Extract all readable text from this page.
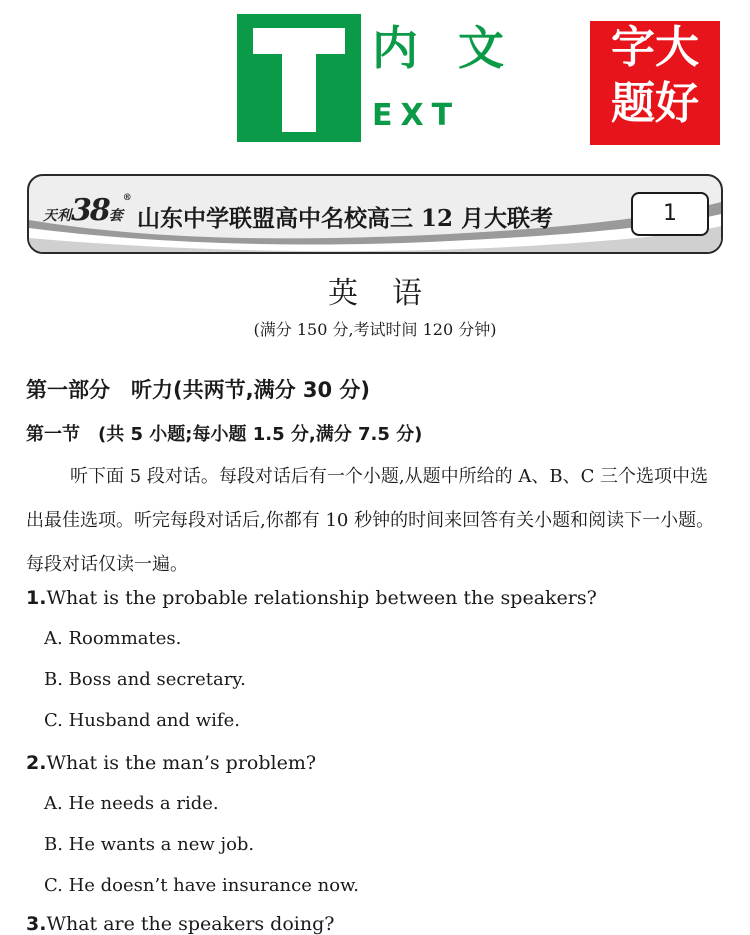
内文
EXT
字大
题好
天利38套®
山东中学联盟高中名校高三 12 月大联考	1
英语
(满分 150 分,考试时间 120 分钟)
第一部分　听力(共两节,满分 30 分)
第一节　(共 5 小题;每小题 1.5 分,满分 7.5 分)
听下面 5 段对话。每段对话后有一个小题,从题中所给的 A、B、C 三个选项中选出最佳选项。听完每段对话后,你都有 10 秒钟的时间来回答有关小题和阅读下一小题。每段对话仅读一遍。
1.What is the probable relationship between the speakers?
A. Roommates.
B. Boss and secretary.
C. Husband and wife.
2.What is the man’s problem?
A. He needs a ride.
B. He wants a new job.
C. He doesn’t have insurance now.
3.What are the speakers doing?
